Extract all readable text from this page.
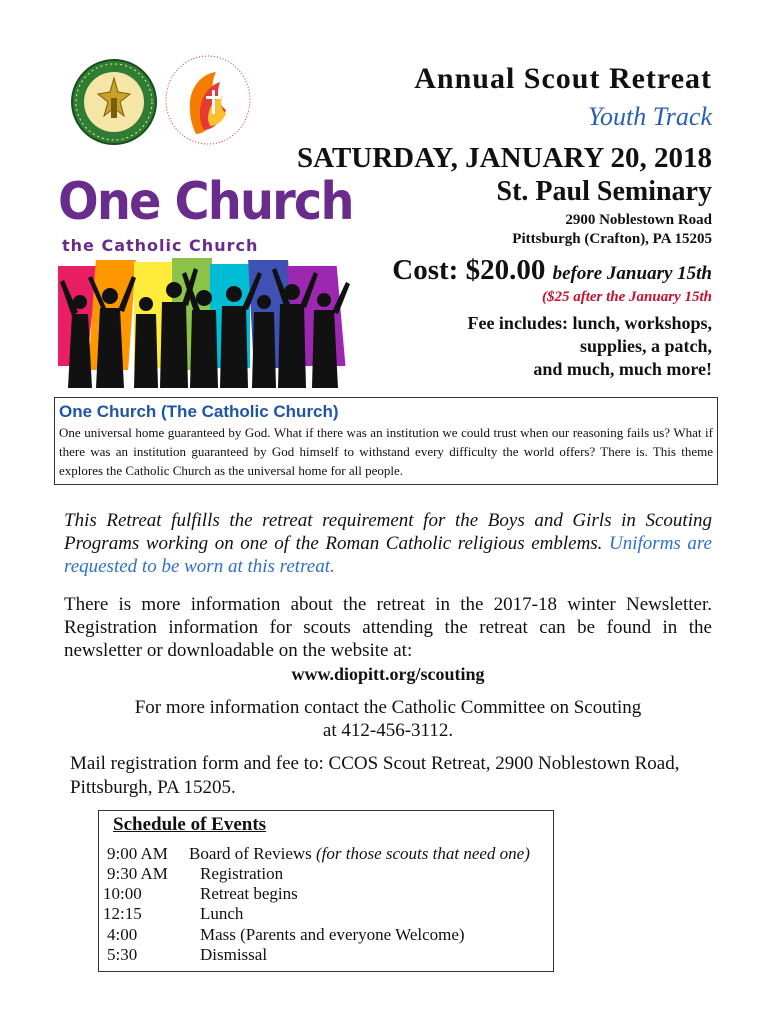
Annual Scout Retreat
Youth Track
SATURDAY, JANUARY 20, 2018
St. Paul Seminary
2900 Noblestown Road
Pittsburgh (Crafton), PA 15205
Cost: $20.00 before January 15th
($25 after the January 15th
Fee includes: lunch, workshops,
supplies, a patch,
and much, much more!
One Church
the Catholic Church
One Church (The Catholic Church)
One universal home guaranteed by God. What if there was an institution we could trust when our reasoning fails us? What if there was an institution guaranteed by God himself to withstand every difficulty the world offers? There is. This theme explores the Catholic Church as the universal home for all people.
This Retreat fulfills the retreat requirement for the Boys and Girls in Scouting Programs working on one of the Roman Catholic religious emblems. Uniforms are requested to be worn at this retreat.
There is more information about the retreat in the 2017-18 winter Newsletter. Registration information for scouts attending the retreat can be found in the newsletter or downloadable on the website at:
www.diopitt.org/scouting
For more information contact the Catholic Committee on Scouting
at 412-456-3112.
Mail registration form and fee to: CCOS Scout Retreat, 2900 Noblestown Road, Pittsburgh, PA 15205.
Schedule of Events
9:00 AM	Board of Reviews (for those scouts that need one)
9:30 AM	Registration
10:00	Retreat begins
12:15	Lunch
4:00	Mass (Parents and everyone Welcome)
5:30	Dismissal
